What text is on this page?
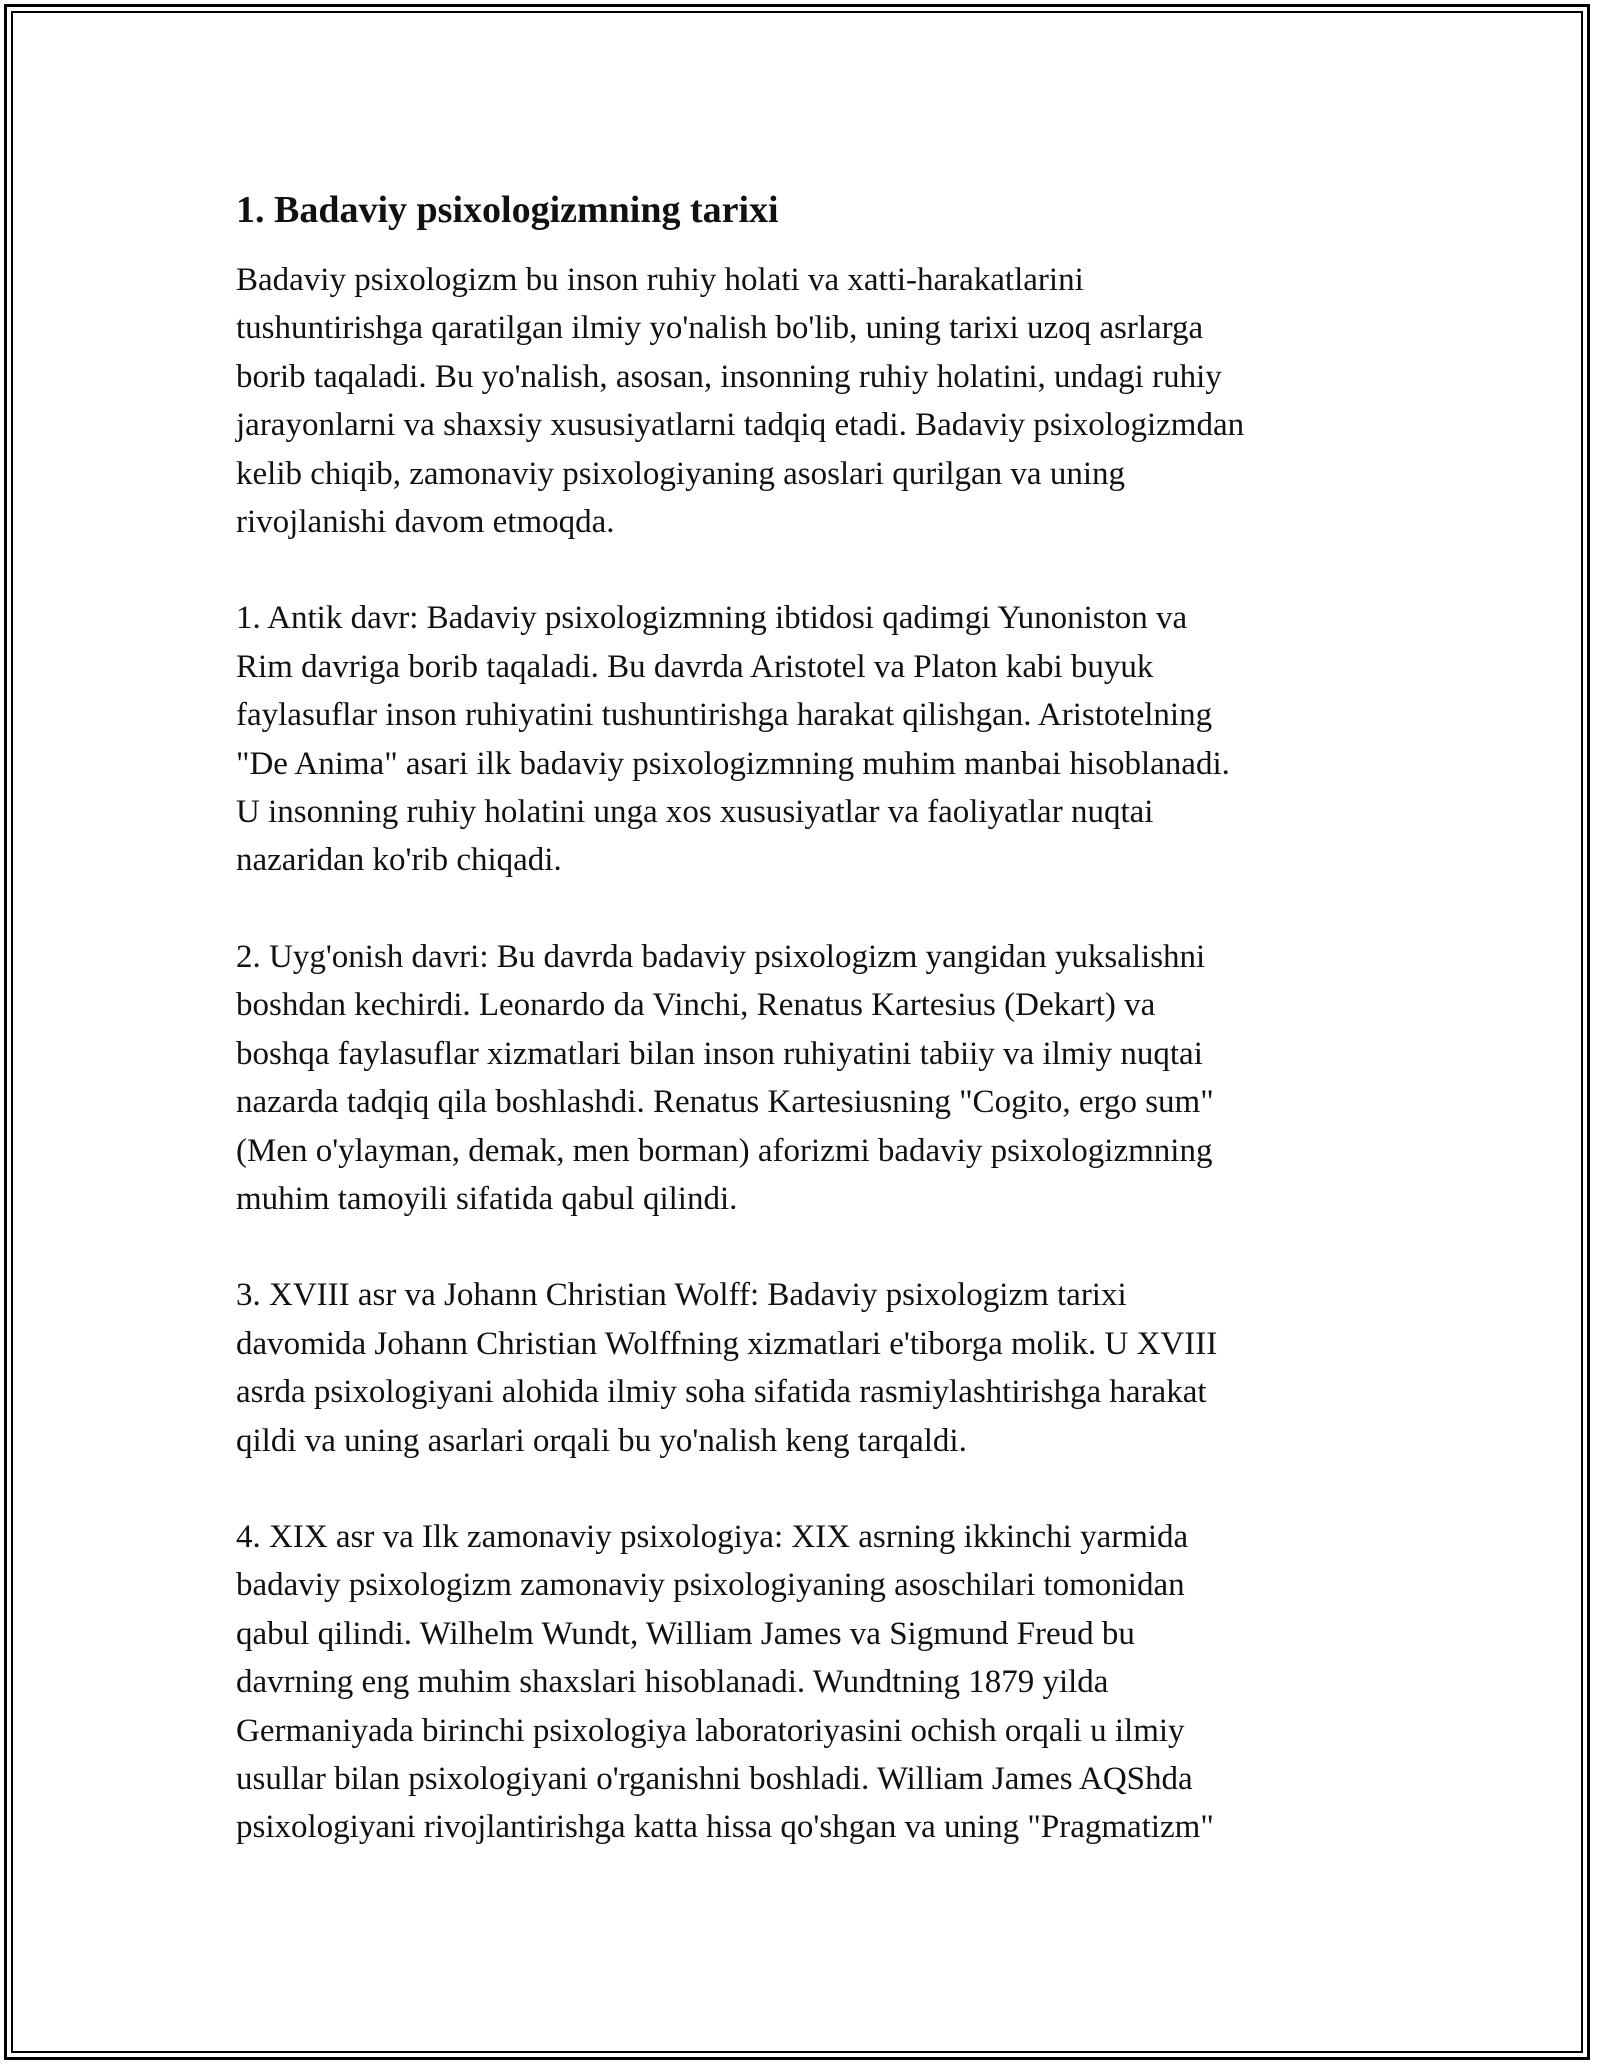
1. Badaviy psixologizmning tarixi

Badaviy psixologizm bu inson ruhiy holati va xatti-harakatlarini
tushuntirishga qaratilgan ilmiy yo'nalish bo'lib, uning tarixi uzoq asrlarga
borib taqaladi. Bu yo'nalish, asosan, insonning ruhiy holatini, undagi ruhiy
jarayonlarni va shaxsiy xususiyatlarni tadqiq etadi. Badaviy psixologizmdan
kelib chiqib, zamonaviy psixologiyaning asoslari qurilgan va uning
rivojlanishi davom etmoqda.

1. Antik davr: Badaviy psixologizmning ibtidosi qadimgi Yunoniston va
Rim davriga borib taqaladi. Bu davrda Aristotel va Platon kabi buyuk
faylasuflar inson ruhiyatini tushuntirishga harakat qilishgan. Aristotelning
"De Anima" asari ilk badaviy psixologizmning muhim manbai hisoblanadi.
U insonning ruhiy holatini unga xos xususiyatlar va faoliyatlar nuqtai
nazaridan ko'rib chiqadi.

2. Uyg'onish davri: Bu davrda badaviy psixologizm yangidan yuksalishni
boshdan kechirdi. Leonardo da Vinchi, Renatus Kartesius (Dekart) va
boshqa faylasuflar xizmatlari bilan inson ruhiyatini tabiiy va ilmiy nuqtai
nazarda tadqiq qila boshlashdi. Renatus Kartesiusning "Cogito, ergo sum"
(Men o'ylayman, demak, men borman) aforizmi badaviy psixologizmning
muhim tamoyili sifatida qabul qilindi.

3. XVIII asr va Johann Christian Wolff: Badaviy psixologizm tarixi
davomida Johann Christian Wolffning xizmatlari e'tiborga molik. U XVIII
asrda psixologiyani alohida ilmiy soha sifatida rasmiylashtirishga harakat
qildi va uning asarlari orqali bu yo'nalish keng tarqaldi.

4. XIX asr va Ilk zamonaviy psixologiya: XIX asrning ikkinchi yarmida
badaviy psixologizm zamonaviy psixologiyaning asoschilari tomonidan
qabul qilindi. Wilhelm Wundt, William James va Sigmund Freud bu
davrning eng muhim shaxslari hisoblanadi. Wundtning 1879 yilda
Germaniyada birinchi psixologiya laboratoriyasini ochish orqali u ilmiy
usullar bilan psixologiyani o'rganishni boshladi. William James AQShda
psixologiyani rivojlantirishga katta hissa qo'shgan va uning "Pragmatizm"
